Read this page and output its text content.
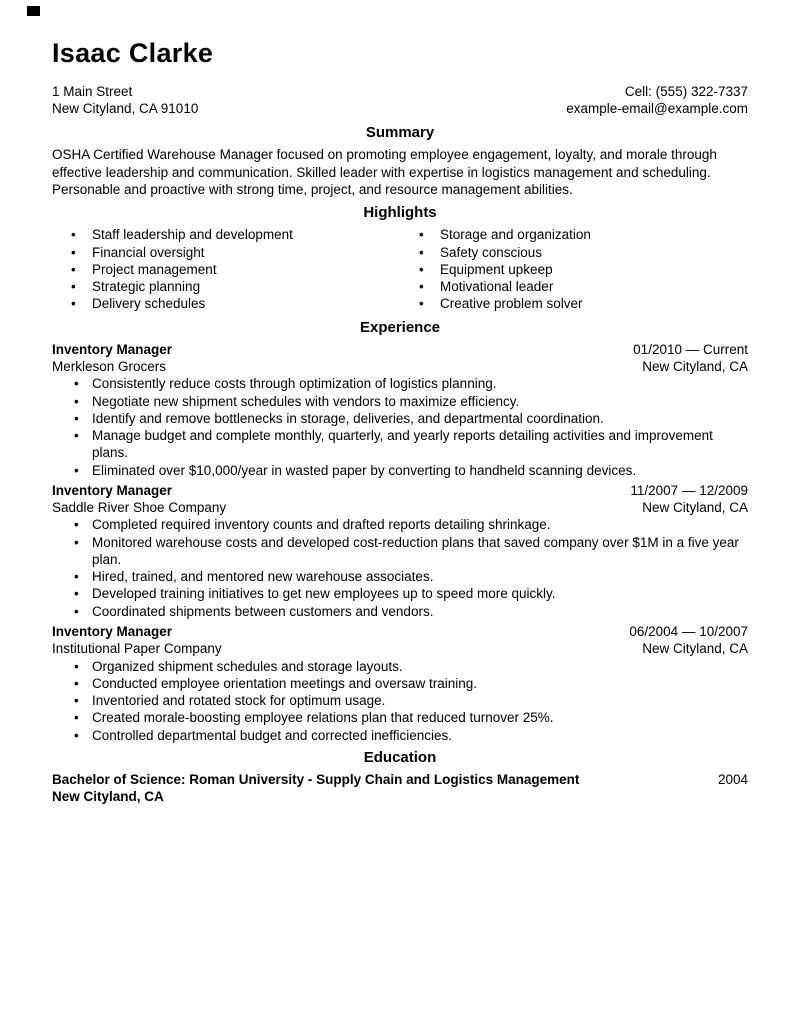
Isaac Clarke
1 Main Street
New Cityland, CA 91010
Cell: (555) 322-7337
example-email@example.com
Summary

OSHA Certified Warehouse Manager focused on promoting employee engagement, loyalty, and morale through effective leadership and communication. Skilled leader with expertise in logistics management and scheduling. Personable and proactive with strong time, project, and resource management abilities.

Highlights
• Staff leadership and development
• Financial oversight
• Project management
• Strategic planning
• Delivery schedules
• Storage and organization
• Safety conscious
• Equipment upkeep
• Motivational leader
• Creative problem solver
Experience
Inventory Manager	01/2010 — Current
Merkleson Grocers	New Cityland, CA
• Consistently reduce costs through optimization of logistics planning.
• Negotiate new shipment schedules with vendors to maximize efficiency.
• Identify and remove bottlenecks in storage, deliveries, and departmental coordination.
• Manage budget and complete monthly, quarterly, and yearly reports detailing activities and improvement plans.
• Eliminated over $10,000/year in wasted paper by converting to handheld scanning devices.
Inventory Manager	11/2007 — 12/2009
Saddle River Shoe Company	New Cityland, CA
• Completed required inventory counts and drafted reports detailing shrinkage.
• Monitored warehouse costs and developed cost-reduction plans that saved company over $1M in a five year plan.
• Hired, trained, and mentored new warehouse associates.
• Developed training initiatives to get new employees up to speed more quickly.
• Coordinated shipments between customers and vendors.
Inventory Manager	06/2004 — 10/2007
Institutional Paper Company	New Cityland, CA
• Organized shipment schedules and storage layouts.
• Conducted employee orientation meetings and oversaw training.
• Inventoried and rotated stock for optimum usage.
• Created morale-boosting employee relations plan that reduced turnover 25%.
• Controlled departmental budget and corrected inefficiencies.
Education
Bachelor of Science: Roman University - Supply Chain and Logistics Management	2004
New Cityland, CA
